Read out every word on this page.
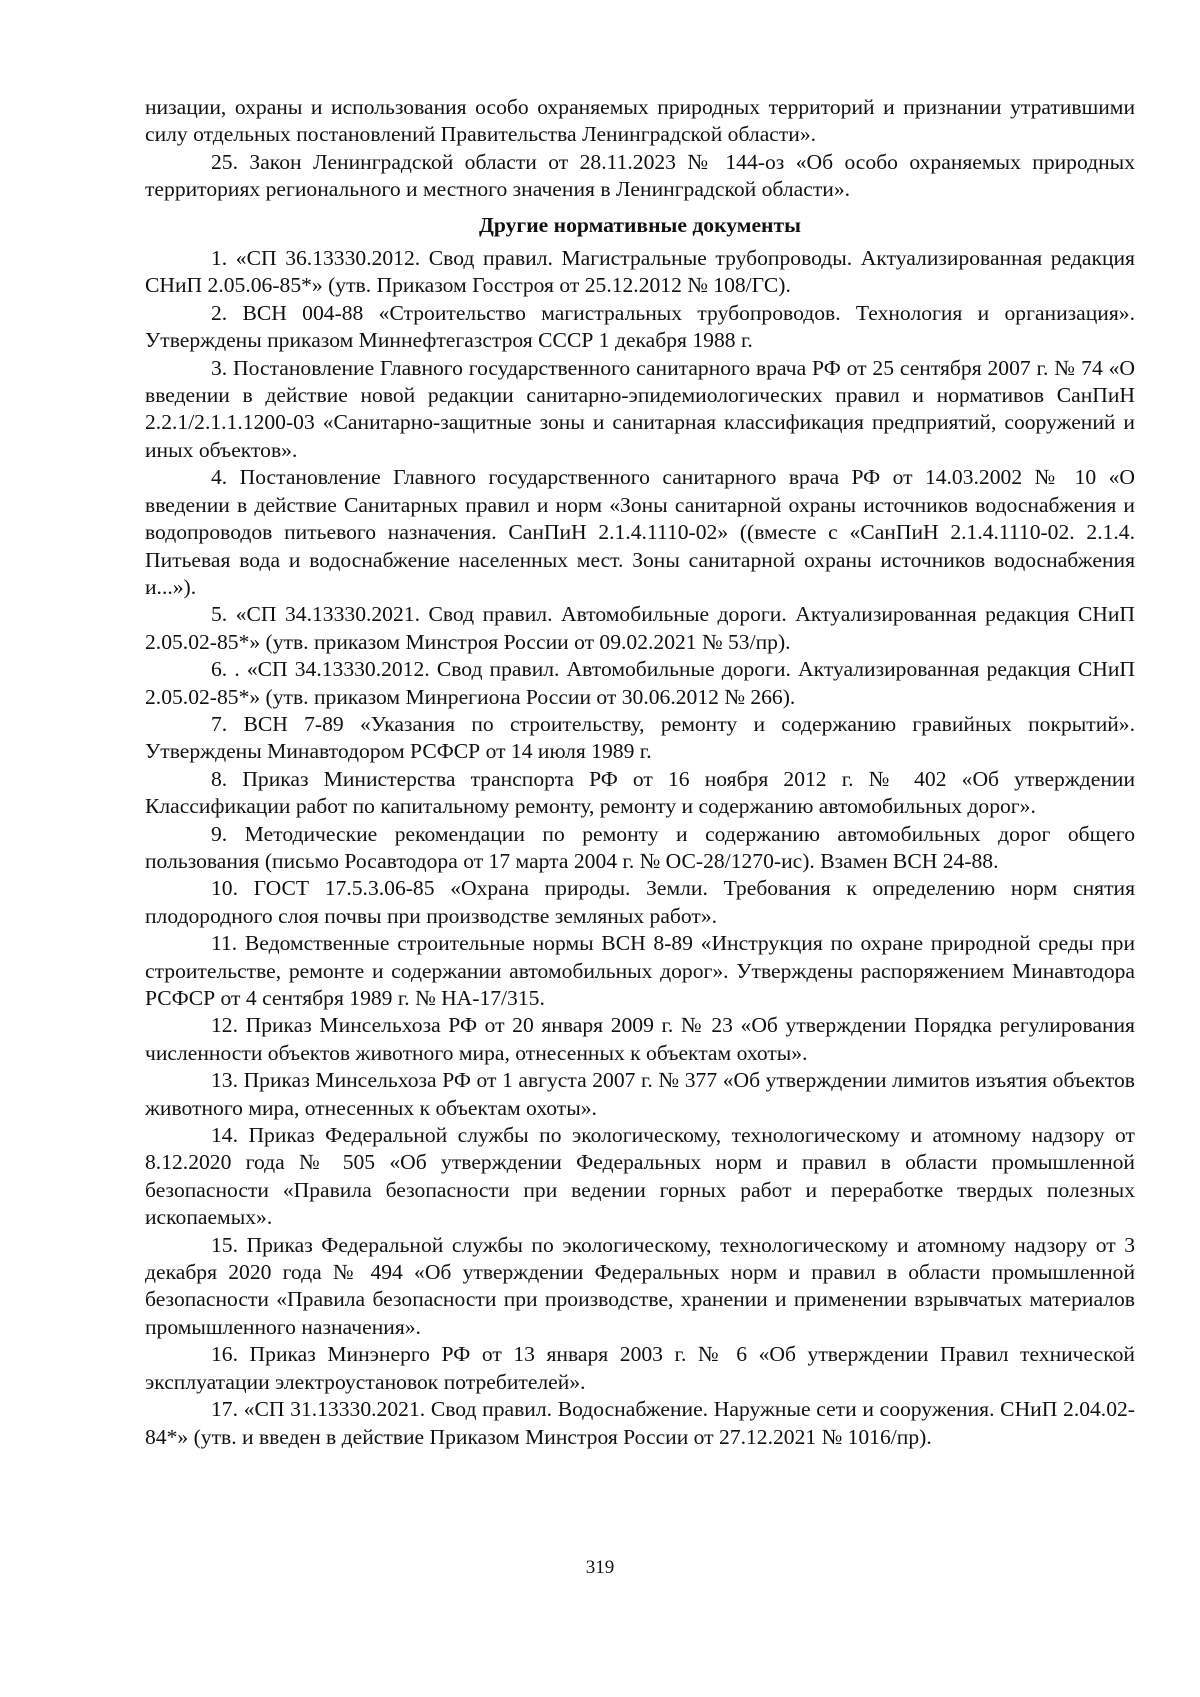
низации, охраны и использования особо охраняемых природных территорий и признании утратившими силу отдельных постановлений Правительства Ленинградской области».

25. Закон Ленинградской области от 28.11.2023 № 144-оз «Об особо охраняемых природных территориях регионального и местного значения в Ленинградской области».

Другие нормативные документы

1. «СП 36.13330.2012. Свод правил. Магистральные трубопроводы. Актуализированная редакция СНиП 2.05.06-85*» (утв. Приказом Госстроя от 25.12.2012 № 108/ГС).

2. ВСН 004-88 «Строительство магистральных трубопроводов. Технология и организация». Утверждены приказом Миннефтегазстроя СССР 1 декабря 1988 г.

3. Постановление Главного государственного санитарного врача РФ от 25 сентября 2007 г. № 74 «О введении в действие новой редакции санитарно-эпидемиологических правил и нормативов СанПиН 2.2.1/2.1.1.1200-03 «Санитарно-защитные зоны и санитарная классификация предприятий, сооружений и иных объектов».

4. Постановление Главного государственного санитарного врача РФ от 14.03.2002 № 10 «О введении в действие Санитарных правил и норм «Зоны санитарной охраны источников водоснабжения и водопроводов питьевого назначения. СанПиН 2.1.4.1110-02» ((вместе с «СанПиН 2.1.4.1110-02. 2.1.4. Питьевая вода и водоснабжение населенных мест. Зоны санитарной охраны источников водоснабжения и...»).

5. «СП 34.13330.2021. Свод правил. Автомобильные дороги. Актуализированная редакция СНиП 2.05.02-85*» (утв. приказом Минстроя России от 09.02.2021 № 53/пр).

6. . «СП 34.13330.2012. Свод правил. Автомобильные дороги. Актуализированная редакция СНиП 2.05.02-85*» (утв. приказом Минрегиона России от 30.06.2012 № 266).

7. ВСН 7-89 «Указания по строительству, ремонту и содержанию гравийных покрытий». Утверждены Минавтодором РСФСР от 14 июля 1989 г.

8. Приказ Министерства транспорта РФ от 16 ноября 2012 г. № 402 «Об утверждении Классификации работ по капитальному ремонту, ремонту и содержанию автомобильных дорог».

9. Методические рекомендации по ремонту и содержанию автомобильных дорог общего пользования (письмо Росавтодора от 17 марта 2004 г. № ОС-28/1270-ис). Взамен ВСН 24-88.

10. ГОСТ 17.5.3.06-85 «Охрана природы. Земли. Требования к определению норм снятия плодородного слоя почвы при производстве земляных работ».

11. Ведомственные строительные нормы ВСН 8-89 «Инструкция по охране природной среды при строительстве, ремонте и содержании автомобильных дорог». Утверждены распоряжением Минавтодора РСФСР от 4 сентября 1989 г. № НА-17/315.

12. Приказ Минсельхоза РФ от 20 января 2009 г. № 23 «Об утверждении Порядка регулирования численности объектов животного мира, отнесенных к объектам охоты».

13. Приказ Минсельхоза РФ от 1 августа 2007 г. № 377 «Об утверждении лимитов изъятия объектов животного мира, отнесенных к объектам охоты».

14. Приказ Федеральной службы по экологическому, технологическому и атомному надзору от 8.12.2020 года № 505 «Об утверждении Федеральных норм и правил в области промышленной безопасности «Правила безопасности при ведении горных работ и переработке твердых полезных ископаемых».

15. Приказ Федеральной службы по экологическому, технологическому и атомному надзору от 3 декабря 2020 года № 494 «Об утверждении Федеральных норм и правил в области промышленной безопасности «Правила безопасности при производстве, хранении и применении взрывчатых материалов промышленного назначения».

16. Приказ Минэнерго РФ от 13 января 2003 г. № 6 «Об утверждении Правил технической эксплуатации электроустановок потребителей».

17. «СП 31.13330.2021. Свод правил. Водоснабжение. Наружные сети и сооружения. СНиП 2.04.02-84*» (утв. и введен в действие Приказом Минстроя России от 27.12.2021 № 1016/пр).

319
